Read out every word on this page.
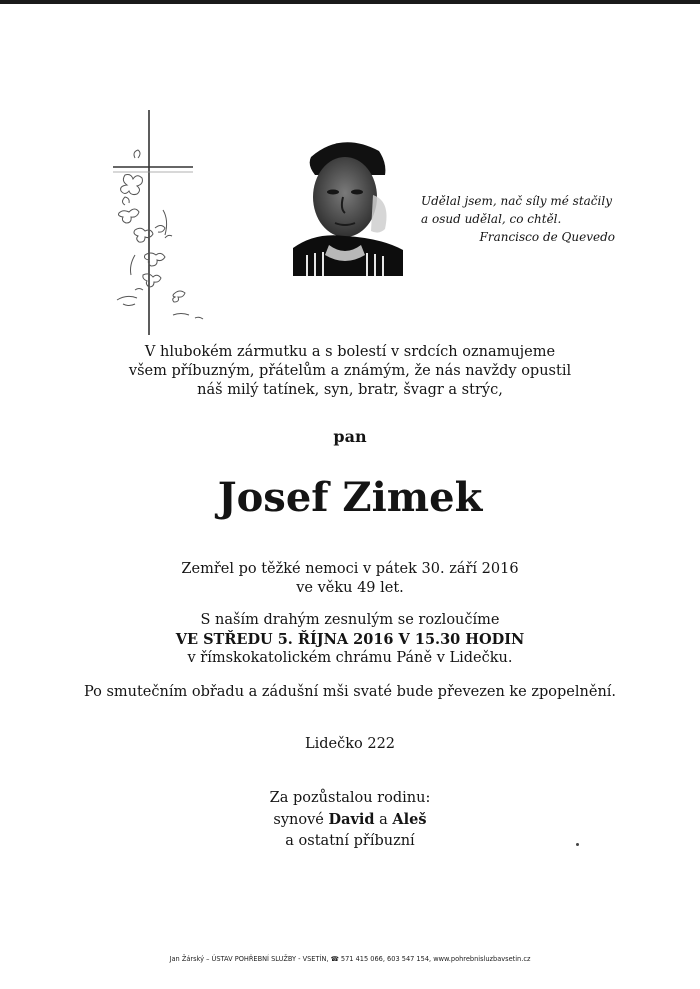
Udělal jsem, nač síly mé stačily
a osud udělal, co chtěl.
Francisco de Quevedo
V hlubokém zármutku a s bolestí v srdcích oznamujeme
všem příbuzným, přátelům a známým, že nás navždy opustil
náš milý tatínek, syn, bratr, švagr a strýc,
pan
Josef Zimek
Zemřel po těžké nemoci v pátek 30. září 2016
ve věku 49 let.
S naším drahým zesnulým se rozloučíme
VE STŘEDU 5. ŘÍJNA 2016 V 15.30 HODIN
v římskokatolickém chrámu Páně v Lidečku.
Po smutečním obřadu a zádušní mši svaté bude převezen ke zpopelnění.
Lidečko 222
Za pozůstalou rodinu:
synové David a Aleš
a ostatní příbuzní
Jan Žárský – ÚSTAV POHŘEBNÍ SLUŽBY - VSETÍN, ☎ 571 415 066, 603 547 154, www.pohrebnisluzbavsetin.cz
